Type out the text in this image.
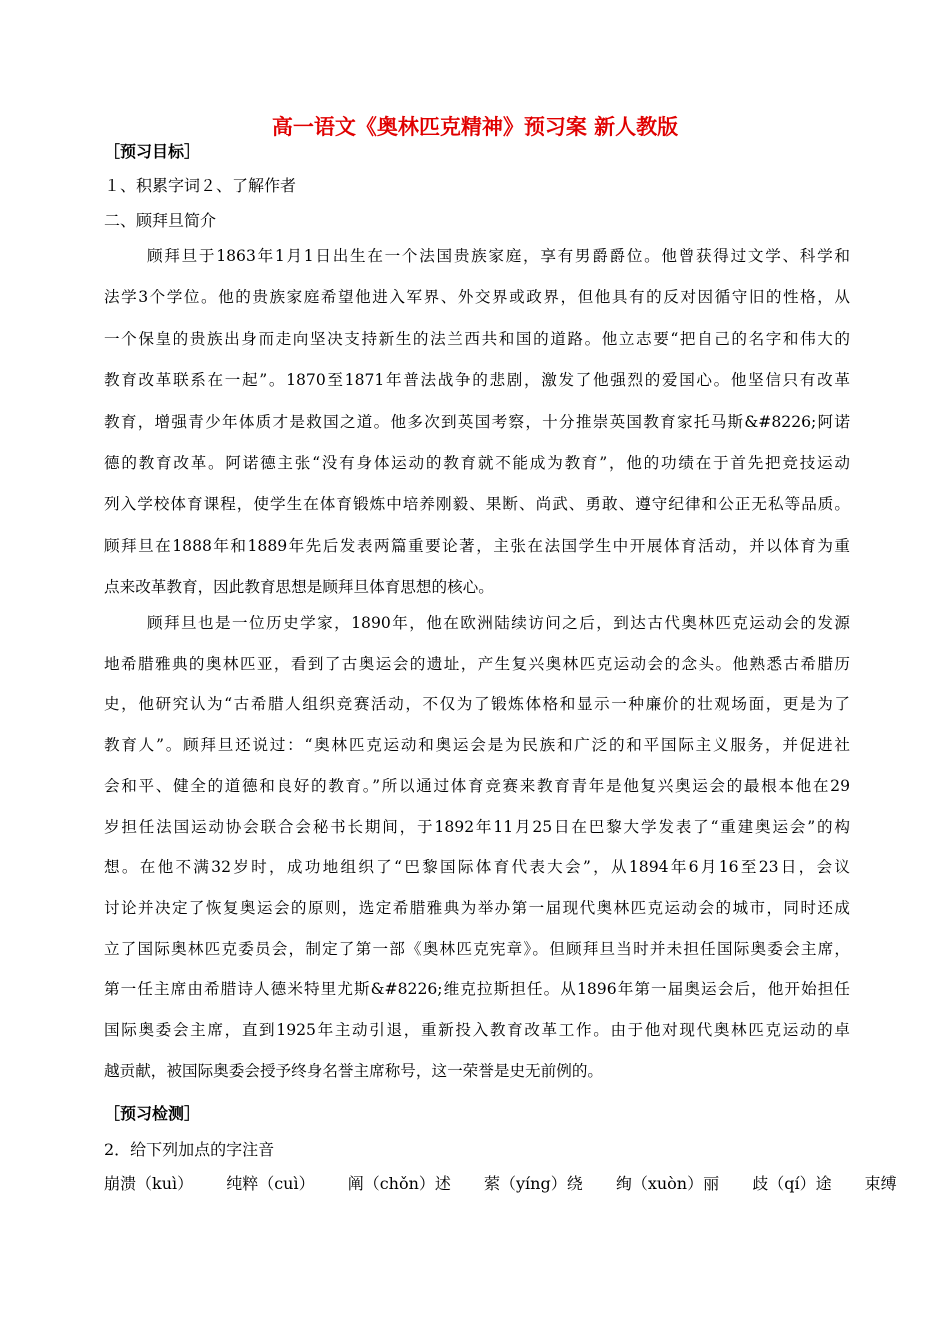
高一语文《奥林匹克精神》预习案 新人教版
［预习目标］
１、积累字词２、了解作者
二、顾拜旦简介
顾拜旦于1863年1月1日出生在一个法国贵族家庭，享有男爵爵位。他曾获得过文学、科学和
法学3个学位。他的贵族家庭希望他进入军界、外交界或政界，但他具有的反对因循守旧的性格，从
一个保皇的贵族出身而走向坚决支持新生的法兰西共和国的道路。他立志要“把自己的名字和伟大的
教育改革联系在一起”。1870至1871年普法战争的悲剧，激发了他强烈的爱国心。他坚信只有改革
教育，增强青少年体质才是救国之道。他多次到英国考察，十分推崇英国教育家托马斯&#8226;阿诺
德的教育改革。阿诺德主张“没有身体运动的教育就不能成为教育”，他的功绩在于首先把竞技运动
列入学校体育课程，使学生在体育锻炼中培养刚毅、果断、尚武、勇敢、遵守纪律和公正无私等品质。
顾拜旦在1888年和1889年先后发表两篇重要论著，主张在法国学生中开展体育活动，并以体育为重
点来改革教育，因此教育思想是顾拜旦体育思想的核心。
顾拜旦也是一位历史学家，1890年，他在欧洲陆续访问之后，到达古代奥林匹克运动会的发源
地希腊雅典的奥林匹亚，看到了古奥运会的遗址，产生复兴奥林匹克运动会的念头。他熟悉古希腊历
史，他研究认为“古希腊人组织竞赛活动，不仅为了锻炼体格和显示一种廉价的壮观场面，更是为了
教育人”。顾拜旦还说过：“奥林匹克运动和奥运会是为民族和广泛的和平国际主义服务，并促进社
会和平、健全的道德和良好的教育。”所以通过体育竞赛来教育青年是他复兴奥运会的最根本他在29
岁担任法国运动协会联合会秘书长期间，于1892年11月25日在巴黎大学发表了“重建奥运会”的构
想。在他不满32岁时，成功地组织了“巴黎国际体育代表大会”，从1894年6月16至23日，会议
讨论并决定了恢复奥运会的原则，选定希腊雅典为举办第一届现代奥林匹克运动会的城市，同时还成
立了国际奥林匹克委员会，制定了第一部《奥林匹克宪章》。但顾拜旦当时并未担任国际奥委会主席，
第一任主席由希腊诗人德米特里尤斯&#8226;维克拉斯担任。从1896年第一届奥运会后，他开始担任
国际奥委会主席，直到1925年主动引退，重新投入教育改革工作。由于他对现代奥林匹克运动的卓
越贡献，被国际奥委会授予终身名誉主席称号，这一荣誉是史无前例的。
［预习检测］
2．给下列加点的字注音
崩溃（kuì） 纯粹（cuì） 阐（chǒn）述 萦（yíng）绕 绚（xuòn）丽 歧（qí）途 束缚
